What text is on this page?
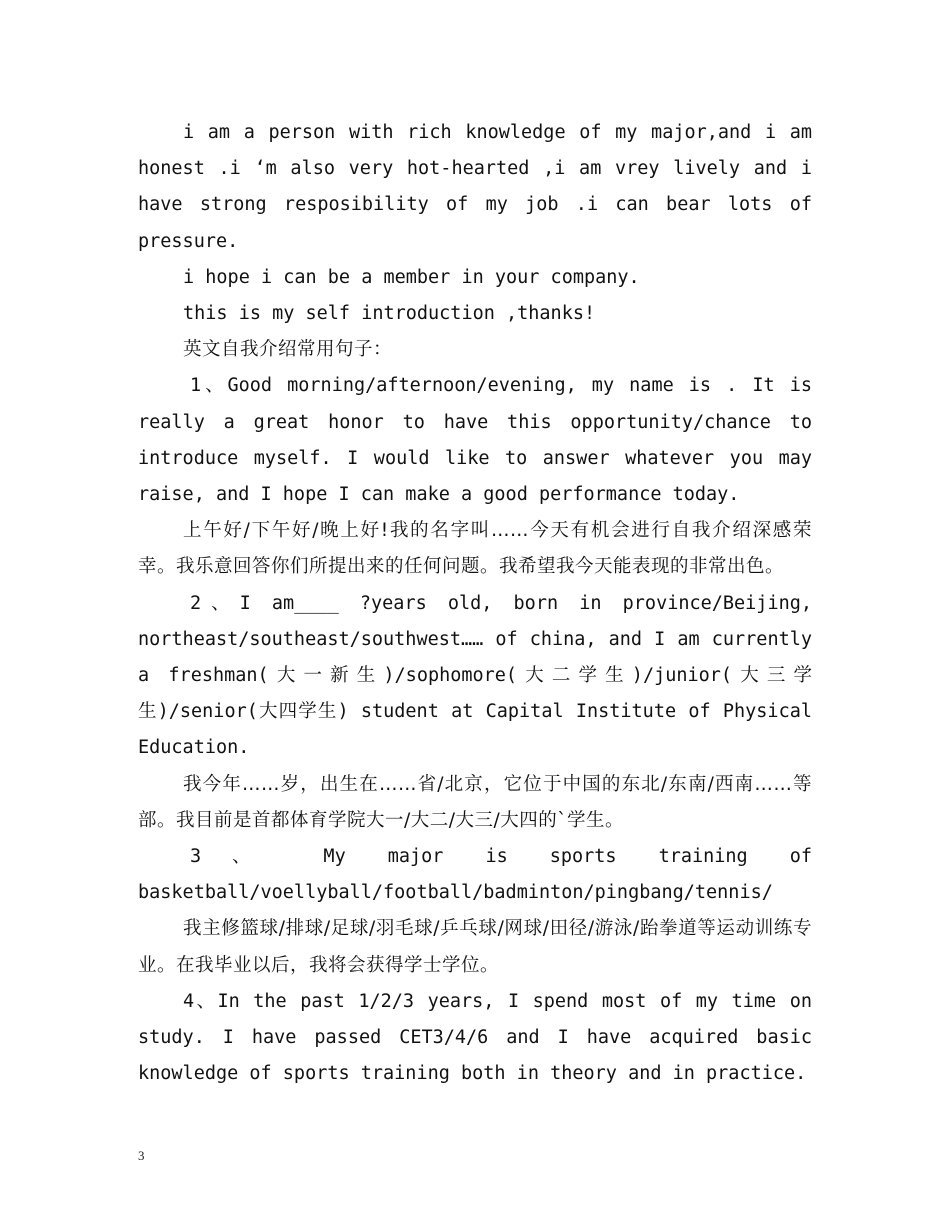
i am a person with rich knowledge of my major,and i am honest .i ‘m also very hot-hearted ,i am vrey lively and i have strong resposibility of my job .i can bear lots of pressure.

i hope i can be a member in your company.

this is my self introduction ,thanks!

英文自我介绍常用句子：

1、Good morning/afternoon/evening, my name is . It is really a great honor to have this opportunity/chance to introduce myself. I would like to answer whatever you may raise, and I hope I can make a good performance today.

上午好/下午好/晚上好!我的名字叫……今天有机会进行自我介绍深感荣幸。我乐意回答你们所提出来的任何问题。我希望我今天能表现的非常出色。

2、I am____ ?years old, born in province/Beijing, northeast/southeast/southwest…… of china, and I am currently a freshman(大一新生)/sophomore(大二学生)/junior(大三学生)/senior(大四学生) student at Capital Institute of Physical Education.

我今年……岁，出生在……省/北京，它位于中国的东北/东南/西南……等部。我目前是首都体育学院大一/大二/大三/大四的`学生。

3、 My major is sports training of basketball/voellyball/football/badminton/pingbang/tennis/

我主修篮球/排球/足球/羽毛球/乒乓球/网球/田径/游泳/跆拳道等运动训练专业。在我毕业以后，我将会获得学士学位。

4、In the past 1/2/3 years, I spend most of my time on study. I have passed CET3/4/6 and I have acquired basic knowledge of sports training both in theory and in practice.

3
